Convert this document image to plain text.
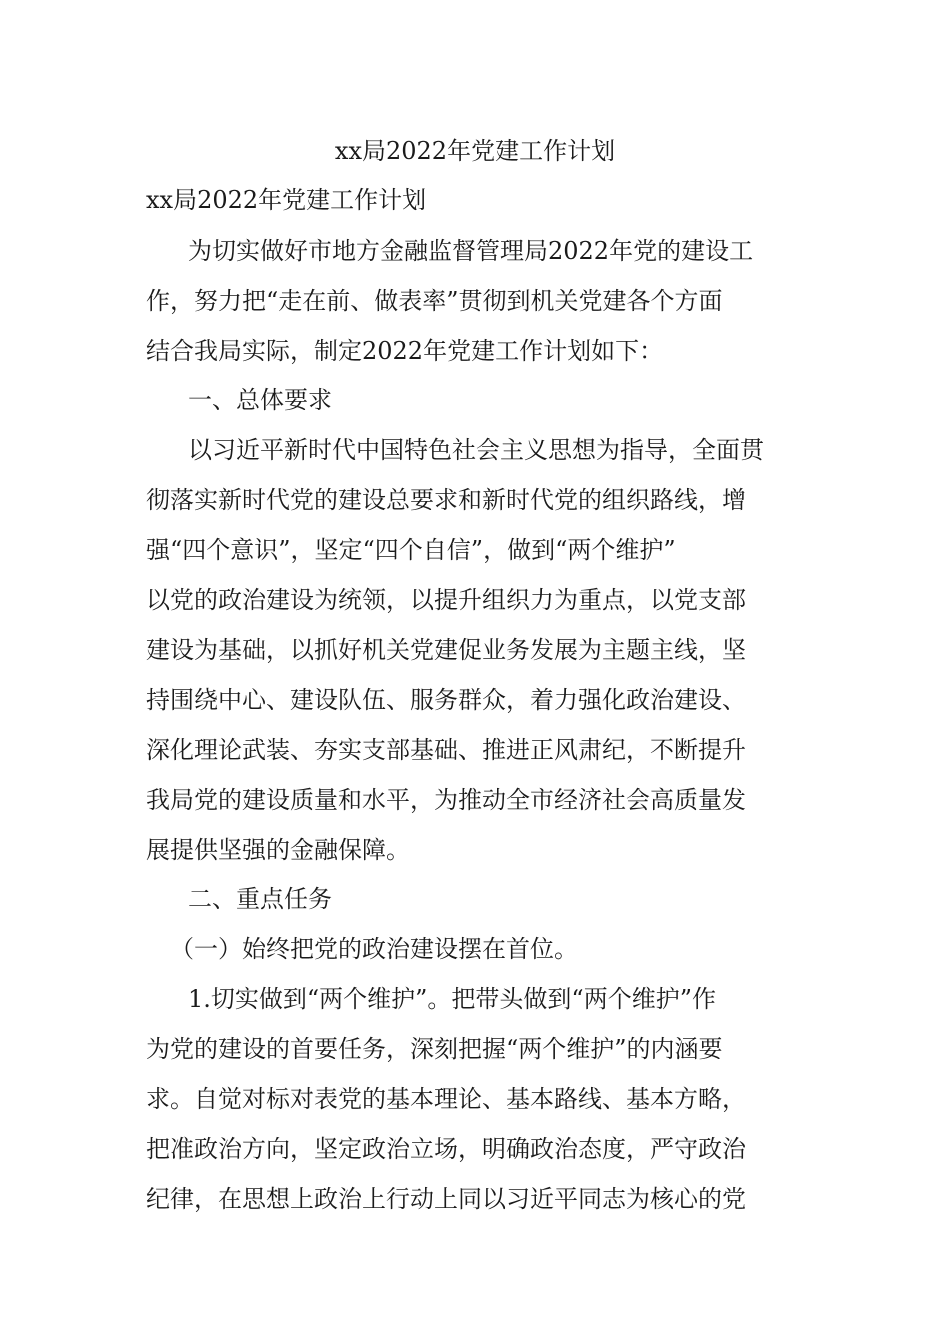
xx局2022年党建工作计划
xx局2022年党建工作计划
为切实做好市地方金融监督管理局2022年党的建设工
作，努力把“走在前、做表率”贯彻到机关党建各个方面
结合我局实际，制定2022年党建工作计划如下：
一、总体要求
以习近平新时代中国特色社会主义思想为指导，全面贯
彻落实新时代党的建设总要求和新时代党的组织路线，增
强“四个意识”，坚定“四个自信”，做到“两个维护”
以党的政治建设为统领，以提升组织力为重点，以党支部
建设为基础，以抓好机关党建促业务发展为主题主线，坚
持围绕中心、建设队伍、服务群众，着力强化政治建设、
深化理论武装、夯实支部基础、推进正风肃纪，不断提升
我局党的建设质量和水平，为推动全市经济社会高质量发
展提供坚强的金融保障。
二、重点任务
（一）始终把党的政治建设摆在首位。
1.切实做到“两个维护”。把带头做到“两个维护”作
为党的建设的首要任务，深刻把握“两个维护”的内涵要
求。自觉对标对表党的基本理论、基本路线、基本方略，
把准政治方向，坚定政治立场，明确政治态度，严守政治
纪律，在思想上政治上行动上同以习近平同志为核心的党
